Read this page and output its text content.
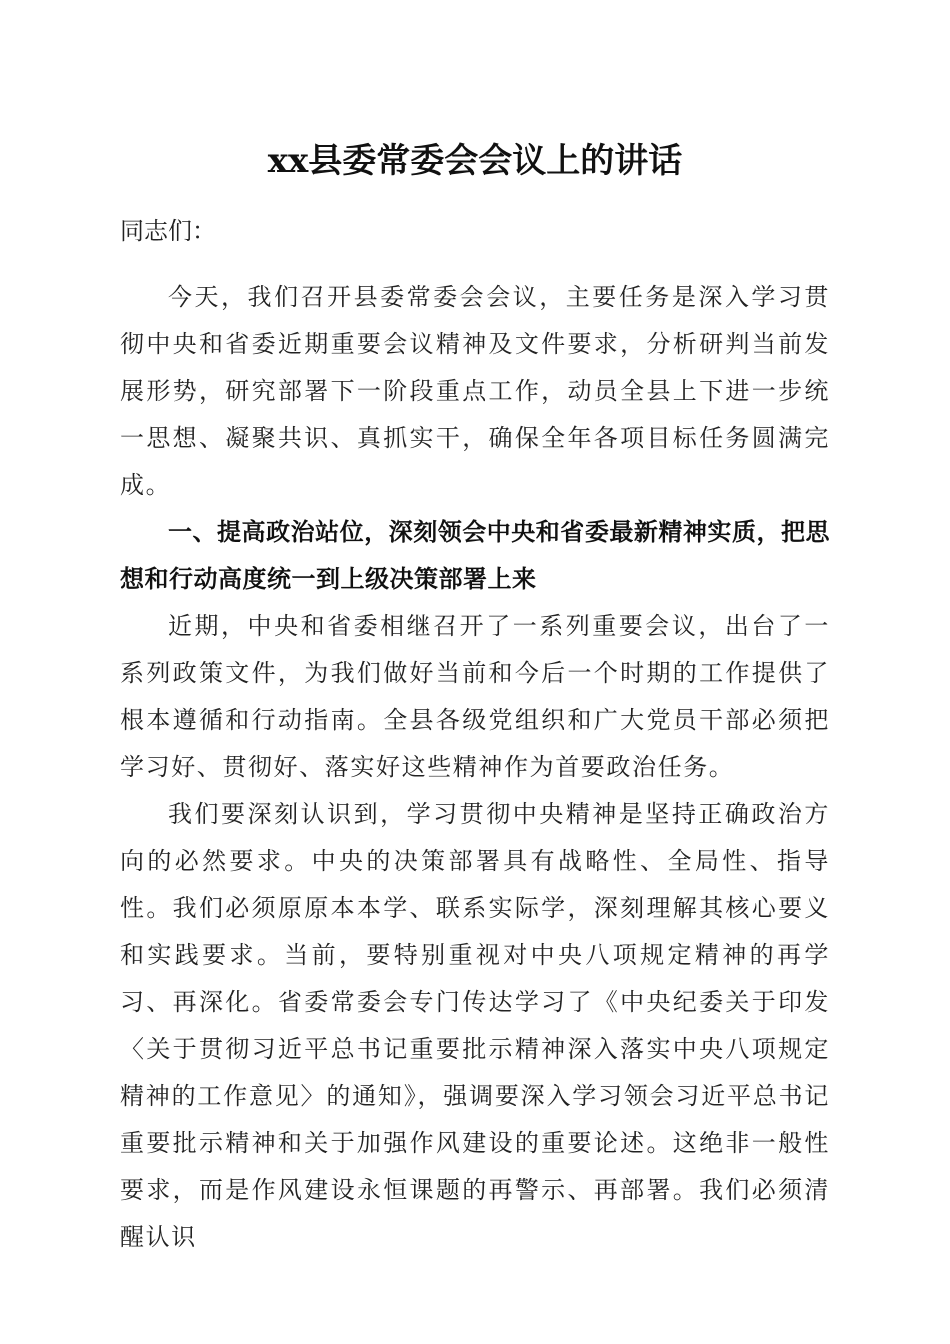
xx县委常委会会议上的讲话

同志们：

今天，我们召开县委常委会会议，主要任务是深入学习贯彻中央和省委近期重要会议精神及文件要求，分析研判当前发展形势，研究部署下一阶段重点工作，动员全县上下进一步统一思想、凝聚共识、真抓实干，确保全年各项目标任务圆满完成。

一、提高政治站位，深刻领会中央和省委最新精神实质，把思想和行动高度统一到上级决策部署上来

近期，中央和省委相继召开了一系列重要会议，出台了一系列政策文件，为我们做好当前和今后一个时期的工作提供了根本遵循和行动指南。全县各级党组织和广大党员干部必须把学习好、贯彻好、落实好这些精神作为首要政治任务。

我们要深刻认识到，学习贯彻中央精神是坚持正确政治方向的必然要求。中央的决策部署具有战略性、全局性、指导性。我们必须原原本本学、联系实际学，深刻理解其核心要义和实践要求。当前，要特别重视对中央八项规定精神的再学习、再深化。省委常委会专门传达学习了《中央纪委关于印发〈关于贯彻习近平总书记重要批示精神深入落实中央八项规定精神的工作意见〉的通知》，强调要深入学习领会习近平总书记重要批示精神和关于加强作风建设的重要论述。这绝非一般性要求，而是作风建设永恒课题的再警示、再部署。我们必须清醒认识
